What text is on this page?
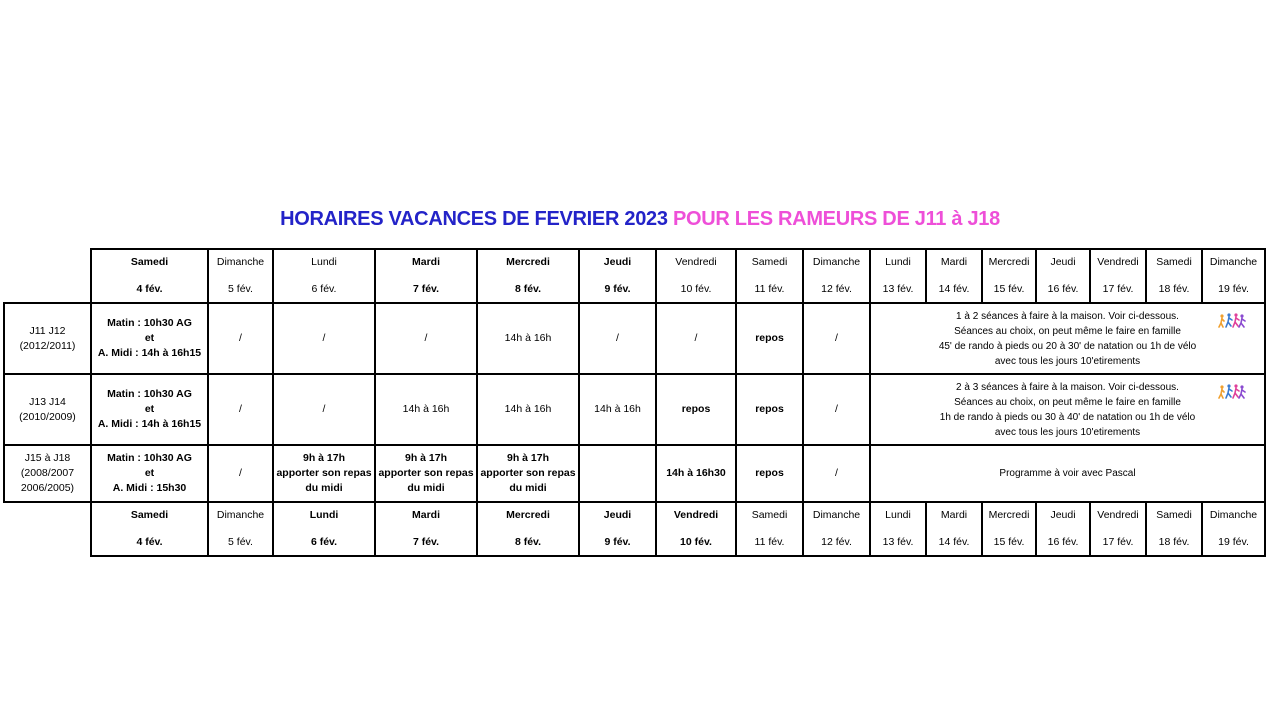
HORAIRES VACANCES DE FEVRIER 2023 POUR LES RAMEURS DE J11 à J18

	Samedi
4 fév.	Dimanche
5 fév.	Lundi
6 fév.	Mardi
7 fév.	Mercredi
8 fév.	Jeudi
9 fév.	Vendredi
10 fév.	Samedi
11 fév.	Dimanche
12 fév.	Lundi
13 fév.	Mardi
14 fév.	Mercredi
15 fév.	Jeudi
16 fév.	Vendredi
17 fév.	Samedi
18 fév.	Dimanche
19 fév.

J11 J12
(2012/2011)	Matin : 10h30 AG
et
A. Midi : 14h à 16h15	/	/	/	14h à 16h	/	/	repos	/	1 à 2 séances à faire à la maison. Voir ci-dessous.
Séances au choix, on peut même le faire en famille
45' de rando à pieds ou 20 à 30' de natation ou 1h de vélo
avec tous les jours 10'etirements						

J13 J14
(2010/2009)	Matin : 10h30 AG
et
A. Midi : 14h à 16h15	/	/	14h à 16h	14h à 16h	14h à 16h	repos	repos	/	2 à 3 séances à faire à la maison. Voir ci-dessous.
Séances au choix, on peut même le faire en famille
1h de rando à pieds ou 30 à 40' de natation ou 1h de vélo
avec tous les jours 10'etirements						

J15 à J18
(2008/2007
2006/2005)	Matin : 10h30 AG
et
A. Midi : 15h30	/	9h à 17h
apporter son repas
du midi	9h à 17h
apporter son repas
du midi	9h à 17h
apporter son repas
du midi		14h à 16h30	repos	/	Programme à voir avec Pascal						

	Samedi
4 fév.	Dimanche
5 fév.	Lundi
6 fév.	Mardi
7 fév.	Mercredi
8 fév.	Jeudi
9 fév.	Vendredi
10 fév.	Samedi
11 fév.	Dimanche
12 fév.	Lundi
13 fév.	Mardi
14 fév.	Mercredi
15 fév.	Jeudi
16 fév.	Vendredi
17 fév.	Samedi
18 fév.	Dimanche
19 fév.
